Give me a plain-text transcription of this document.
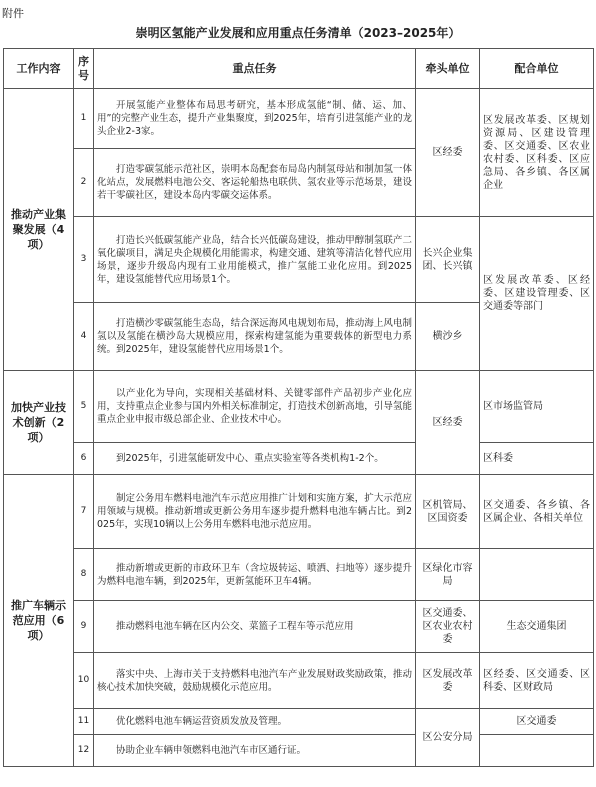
附件
崇明区氢能产业发展和应用重点任务清单（2023–2025年）
工作内容	序号	重点任务	牵头单位	配合单位
推动产业集聚发展（4项）	1	开展氢能产业整体布局思考研究，基本形成氢能“制、储、运、加、用”的完整产业生态，提升产业集聚度，到2025年，培育引进氢能产业的龙头企业2-3家。	区经委	区发展改革委、区规划资源局、区建设管理委、区交通委、区农业农村委、区科委、区应急局、各乡镇、各区属企业
	2	打造零碳氢能示范社区，崇明本岛配套布局岛内制氢母站和制加氢一体化站点，发展燃料电池公交、客运轮船热电联供、氢农业等示范场景，建设若干零碳社区，建设本岛内零碳交运体系。		
	3	打造长兴低碳氢能产业岛，结合长兴低碳岛建设，推动甲醇制氢联产二氧化碳项目，满足央企规模化用能需求，构建交通、建筑等清洁化替代应用场景，逐步升级岛内现有工业用能模式，推广氢能工业化应用。到2025年，建设氢能替代应用场景1个。	长兴企业集团、长兴镇	区发展改革委、区经委、区建设管理委、区交通委等部门
	4	打造横沙零碳氢能生态岛，结合深远海风电规划布局，推动海上风电制氢以及氢能在横沙岛大规模应用，探索构建氢能为重要载体的新型电力系统。到2025年，建设氢能替代应用场景1个。	横沙乡	
加快产业技术创新（2项）	5	以产业化为导向，实现相关基础材料、关键零部件产品初步产业化应用，支持重点企业参与国内外相关标准制定，打造技术创新高地，引导氢能重点企业申报市级总部企业、企业技术中心。	区经委	区市场监管局
	6	到2025年，引进氢能研发中心、重点实验室等各类机构1-2个。		区科委
推广车辆示范应用（6项）	7	制定公务用车燃料电池汽车示范应用推广计划和实施方案，扩大示范应用领域与规模。推动新增或更新公务用车逐步提升燃料电池车辆占比。到2025年，实现10辆以上公务用车燃料电池示范应用。	区机管局、区国资委	区交通委、各乡镇、各区属企业、各相关单位
	8	推动新增或更新的市政环卫车（含垃圾转运、喷洒、扫地等）逐步提升为燃料电池车辆，到2025年，更新氢能环卫车4辆。	区绿化市容局	
	9	推动燃料电池车辆在区内公交、菜篮子工程车等示范应用	区交通委、区农业农村委	生态交通集团
	10	落实中央、上海市关于支持燃料电池汽车产业发展财政奖励政策，推动核心技术加快突破，鼓励规模化示范应用。	区发展改革委	区经委、区交通委、区科委、区财政局
	11	优化燃料电池车辆运营资质发放及管理。	区公安分局	区交通委
	12	协助企业车辆申领燃料电池汽车市区通行证。		
